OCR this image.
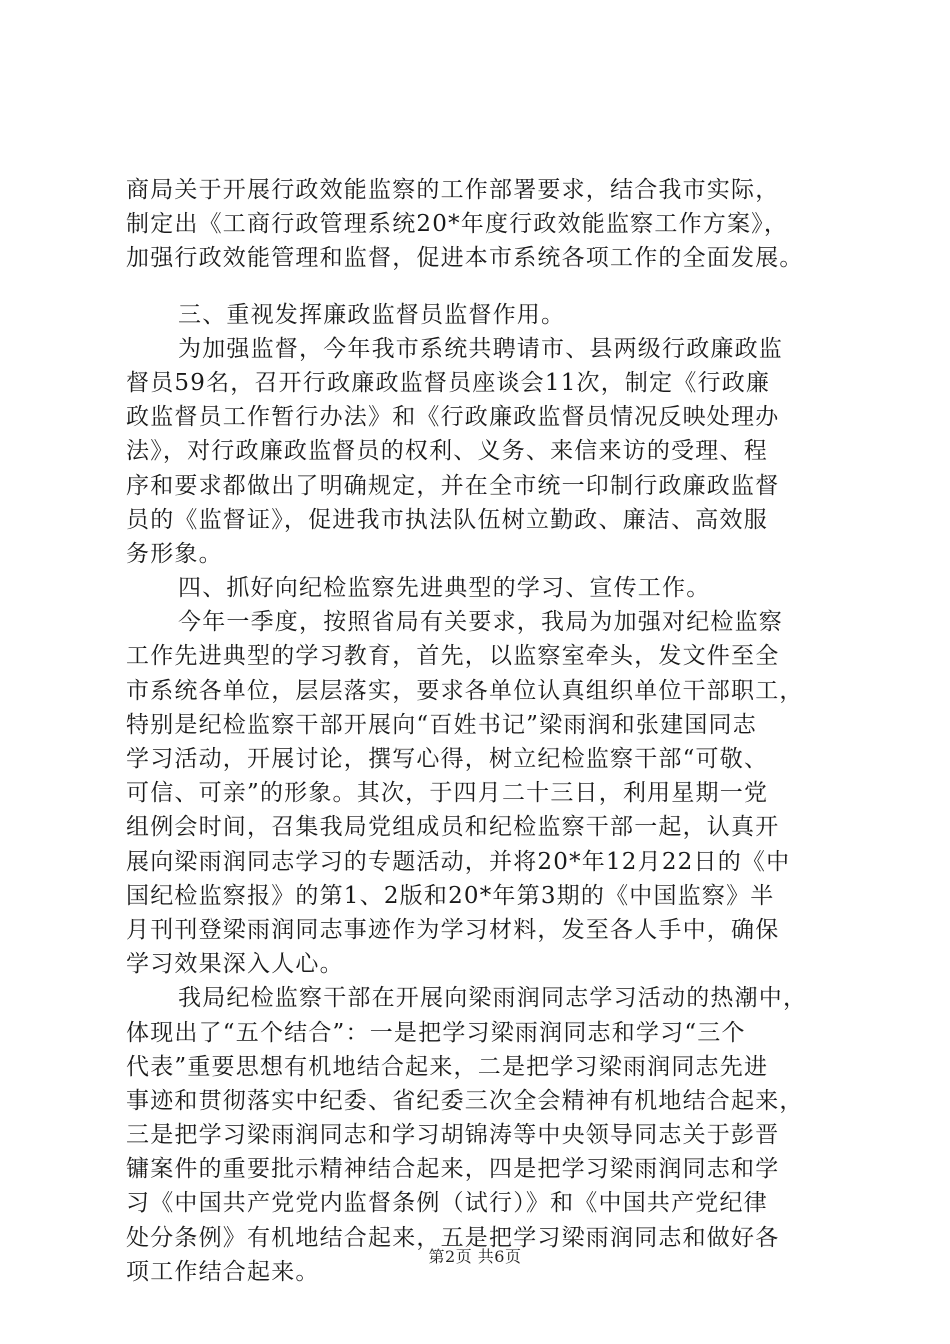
商局关于开展行政效能监察的工作部署要求，结合我市实际，
制定出《工商行政管理系统20*年度行政效能监察工作方案》，
加强行政效能管理和监督，促进本市系统各项工作的全面发展。
三、重视发挥廉政监督员监督作用。
为加强监督，今年我市系统共聘请市、县两级行政廉政监
督员59名，召开行政廉政监督员座谈会11次，制定《行政廉
政监督员工作暂行办法》和《行政廉政监督员情况反映处理办
法》，对行政廉政监督员的权利、义务、来信来访的受理、程
序和要求都做出了明确规定，并在全市统一印制行政廉政监督
员的《监督证》，促进我市执法队伍树立勤政、廉洁、高效服
务形象。
四、抓好向纪检监察先进典型的学习、宣传工作。
今年一季度，按照省局有关要求，我局为加强对纪检监察
工作先进典型的学习教育，首先，以监察室牵头，发文件至全
市系统各单位，层层落实，要求各单位认真组织单位干部职工，
特别是纪检监察干部开展向“百姓书记”梁雨润和张建国同志
学习活动，开展讨论，撰写心得，树立纪检监察干部“可敬、
可信、可亲”的形象。其次，于四月二十三日，利用星期一党
组例会时间，召集我局党组成员和纪检监察干部一起，认真开
展向梁雨润同志学习的专题活动，并将20*年12月22日的《中
国纪检监察报》的第1、2版和20*年第3期的《中国监察》半
月刊刊登梁雨润同志事迹作为学习材料，发至各人手中，确保
学习效果深入人心。
我局纪检监察干部在开展向梁雨润同志学习活动的热潮中，
体现出了“五个结合”：一是把学习梁雨润同志和学习“三个
代表”重要思想有机地结合起来，二是把学习梁雨润同志先进
事迹和贯彻落实中纪委、省纪委三次全会精神有机地结合起来，
三是把学习梁雨润同志和学习胡锦涛等中央领导同志关于彭晋
镛案件的重要批示精神结合起来，四是把学习梁雨润同志和学
习《中国共产党党内监督条例（试行）》和《中国共产党纪律
处分条例》有机地结合起来，五是把学习梁雨润同志和做好各
项工作结合起来。
第2页 共6页
